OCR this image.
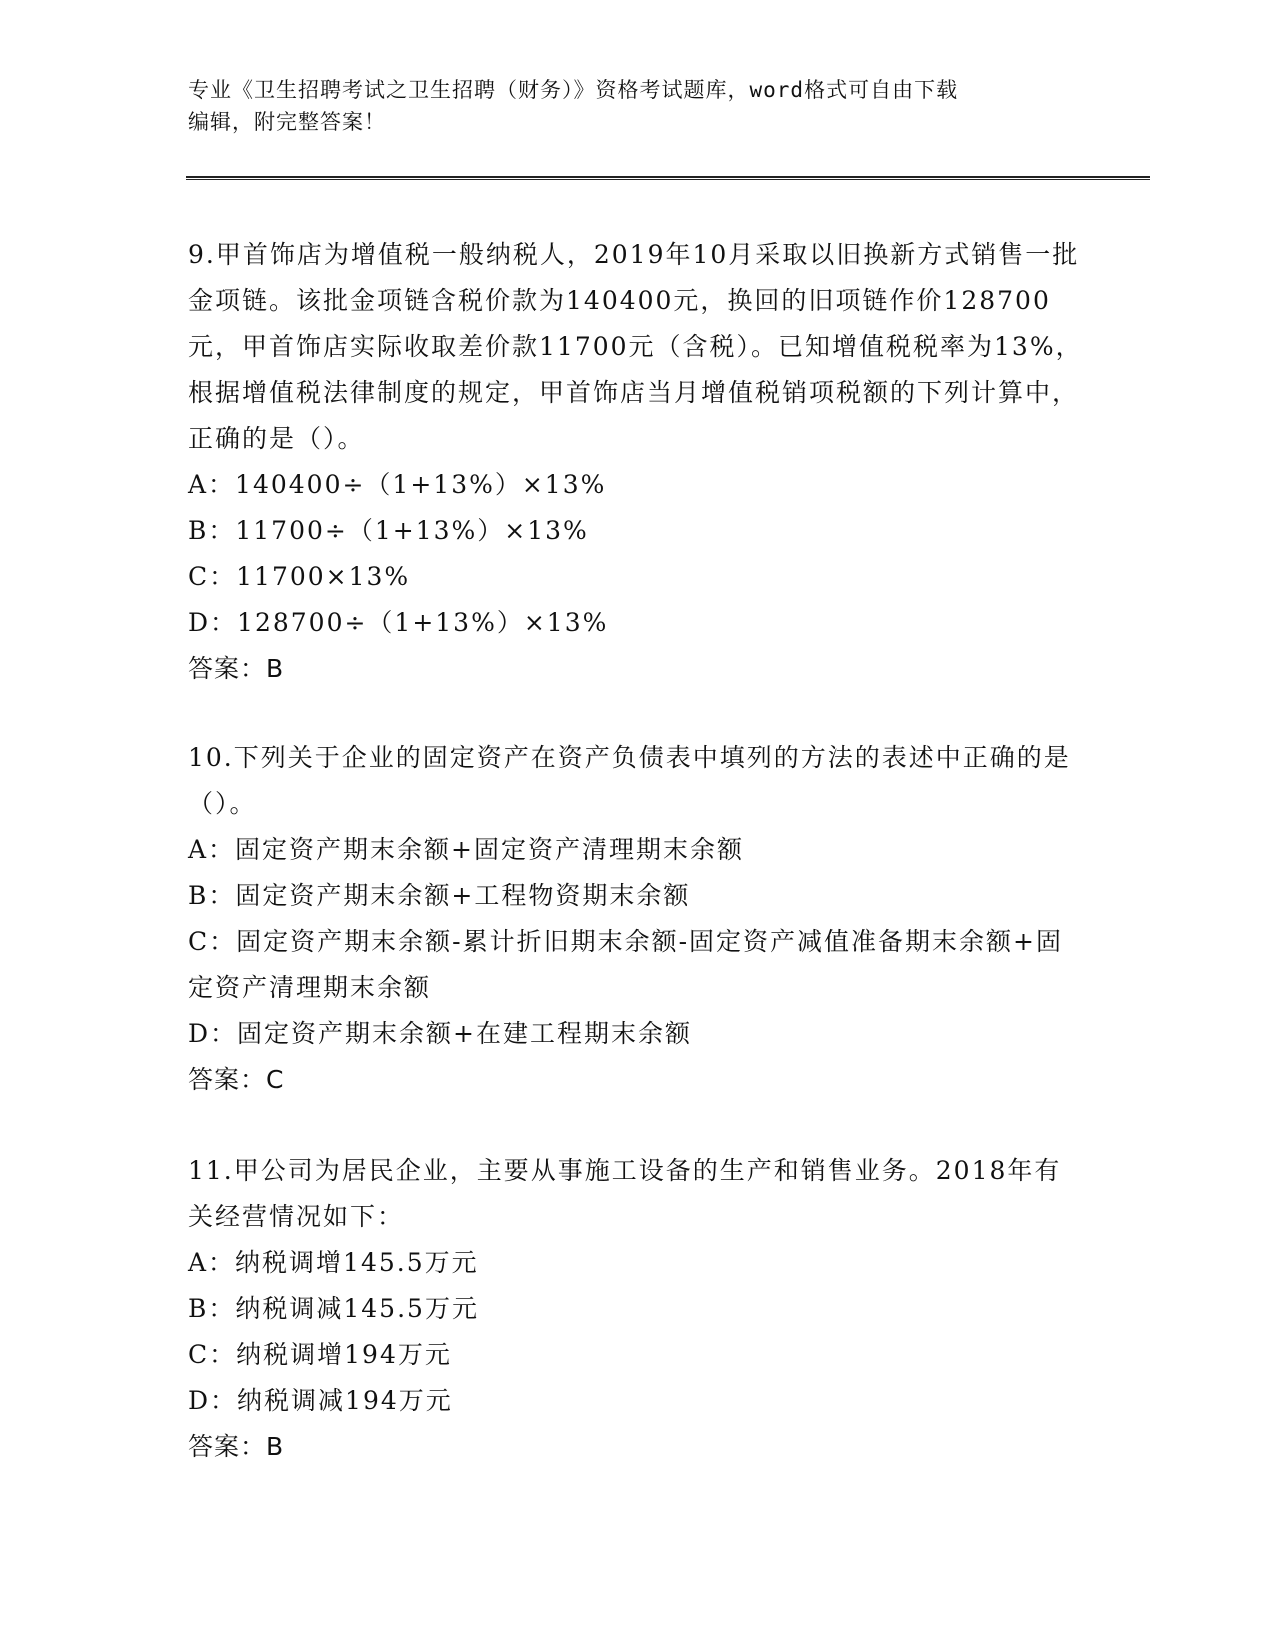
专业《卫生招聘考试之卫生招聘（财务）》资格考试题库，word格式可自由下载
编辑，附完整答案！
9.甲首饰店为增值税一般纳税人，2019年10月采取以旧换新方式销售一批金项链。该批金项链含税价款为140400元，换回的旧项链作价128700元，甲首饰店实际收取差价款11700元（含税）。已知增值税税率为13%，根据增值税法律制度的规定，甲首饰店当月增值税销项税额的下列计算中，正确的是（）。
A：140400÷（1+13%）×13%
B：11700÷（1+13%）×13%
C：11700×13%
D：128700÷（1+13%）×13%
答案：B
10.下列关于企业的固定资产在资产负债表中填列的方法的表述中正确的是（）。
A：固定资产期末余额+固定资产清理期末余额
B：固定资产期末余额+工程物资期末余额
C：固定资产期末余额-累计折旧期末余额-固定资产减值准备期末余额+固定资产清理期末余额
D：固定资产期末余额+在建工程期末余额
答案：C
11.甲公司为居民企业，主要从事施工设备的生产和销售业务。2018年有关经营情况如下：
A：纳税调增145.5万元
B：纳税调减145.5万元
C：纳税调增194万元
D：纳税调减194万元
答案：B
